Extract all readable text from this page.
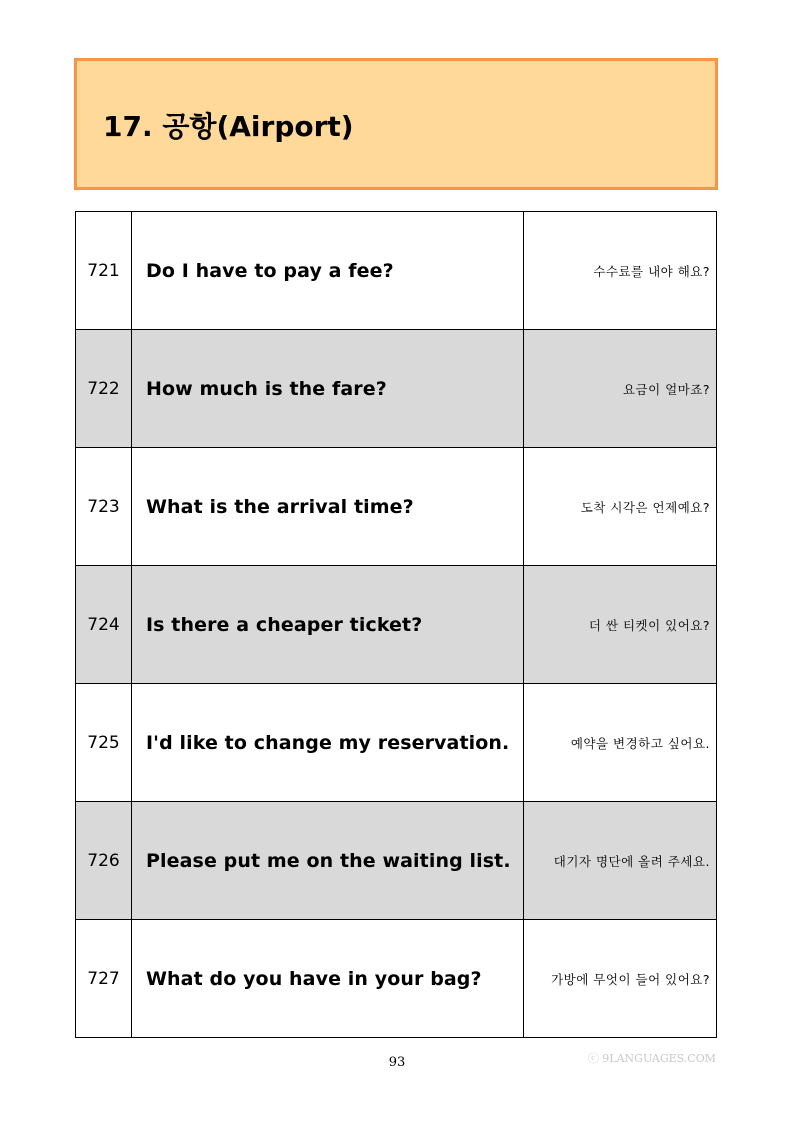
17. 공항(Airport)
721	Do I have to pay a fee?	수수료를 내야 해요?
722	How much is the fare?	요금이 얼마죠?
723	What is the arrival time?	도착 시각은 언제예요?
724	Is there a cheaper ticket?	더 싼 티켓이 있어요?
725	I'd like to change my reservation.	예약을 변경하고 싶어요.
726	Please put me on the waiting list.	대기자 명단에 올려 주세요.
727	What do you have in your bag?	가방에 무엇이 들어 있어요?
93	ⓒ 9LANGUAGES.COM
